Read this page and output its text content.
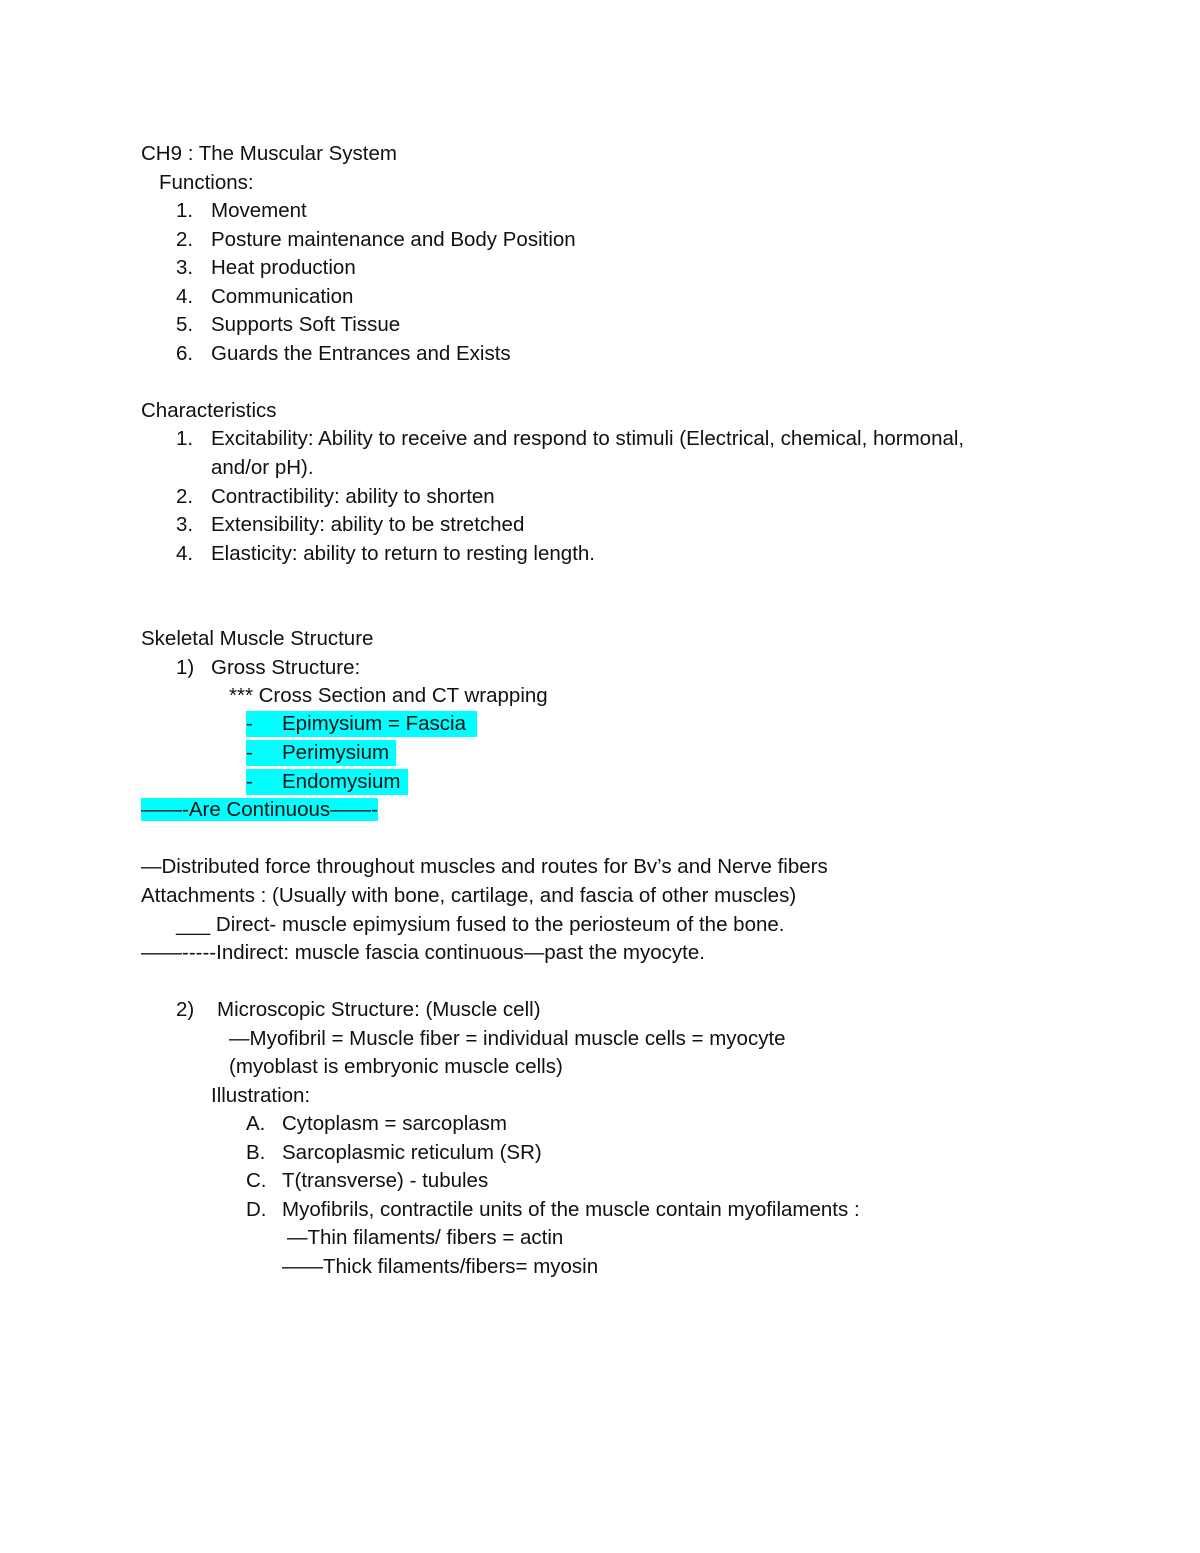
CH9 : The Muscular System
Functions:
1. Movement
2. Posture maintenance and Body Position
3. Heat production
4. Communication
5. Supports Soft Tissue
6. Guards the Entrances and Exists
Characteristics
1. Excitability: Ability to receive and respond to stimuli (Electrical, chemical, hormonal,
and/or pH).
2. Contractibility: ability to shorten
3. Extensibility: ability to be stretched
4. Elasticity: ability to return to resting length.
Skeletal Muscle Structure
1) Gross Structure:
*** Cross Section and CT wrapping
- Epimysium = Fascia
- Perimysium
- Endomysium
——-Are Continuous——-
—Distributed force throughout muscles and routes for Bv’s and Nerve fibers
Attachments : (Usually with bone, cartilage, and fascia of other muscles)
___ Direct- muscle epimysium fused to the periosteum of the bone.
——-----Indirect: muscle fascia continuous—past the myocyte.
2) Microscopic Structure: (Muscle cell)
—Myofibril = Muscle fiber = individual muscle cells = myocyte
(myoblast is embryonic muscle cells)
Illustration:
A. Cytoplasm = sarcoplasm
B. Sarcoplasmic reticulum (SR)
C. T(transverse) - tubules
D. Myofibrils, contractile units of the muscle contain myofilaments :
—Thin filaments/ fibers = actin
——Thick filaments/fibers= myosin
